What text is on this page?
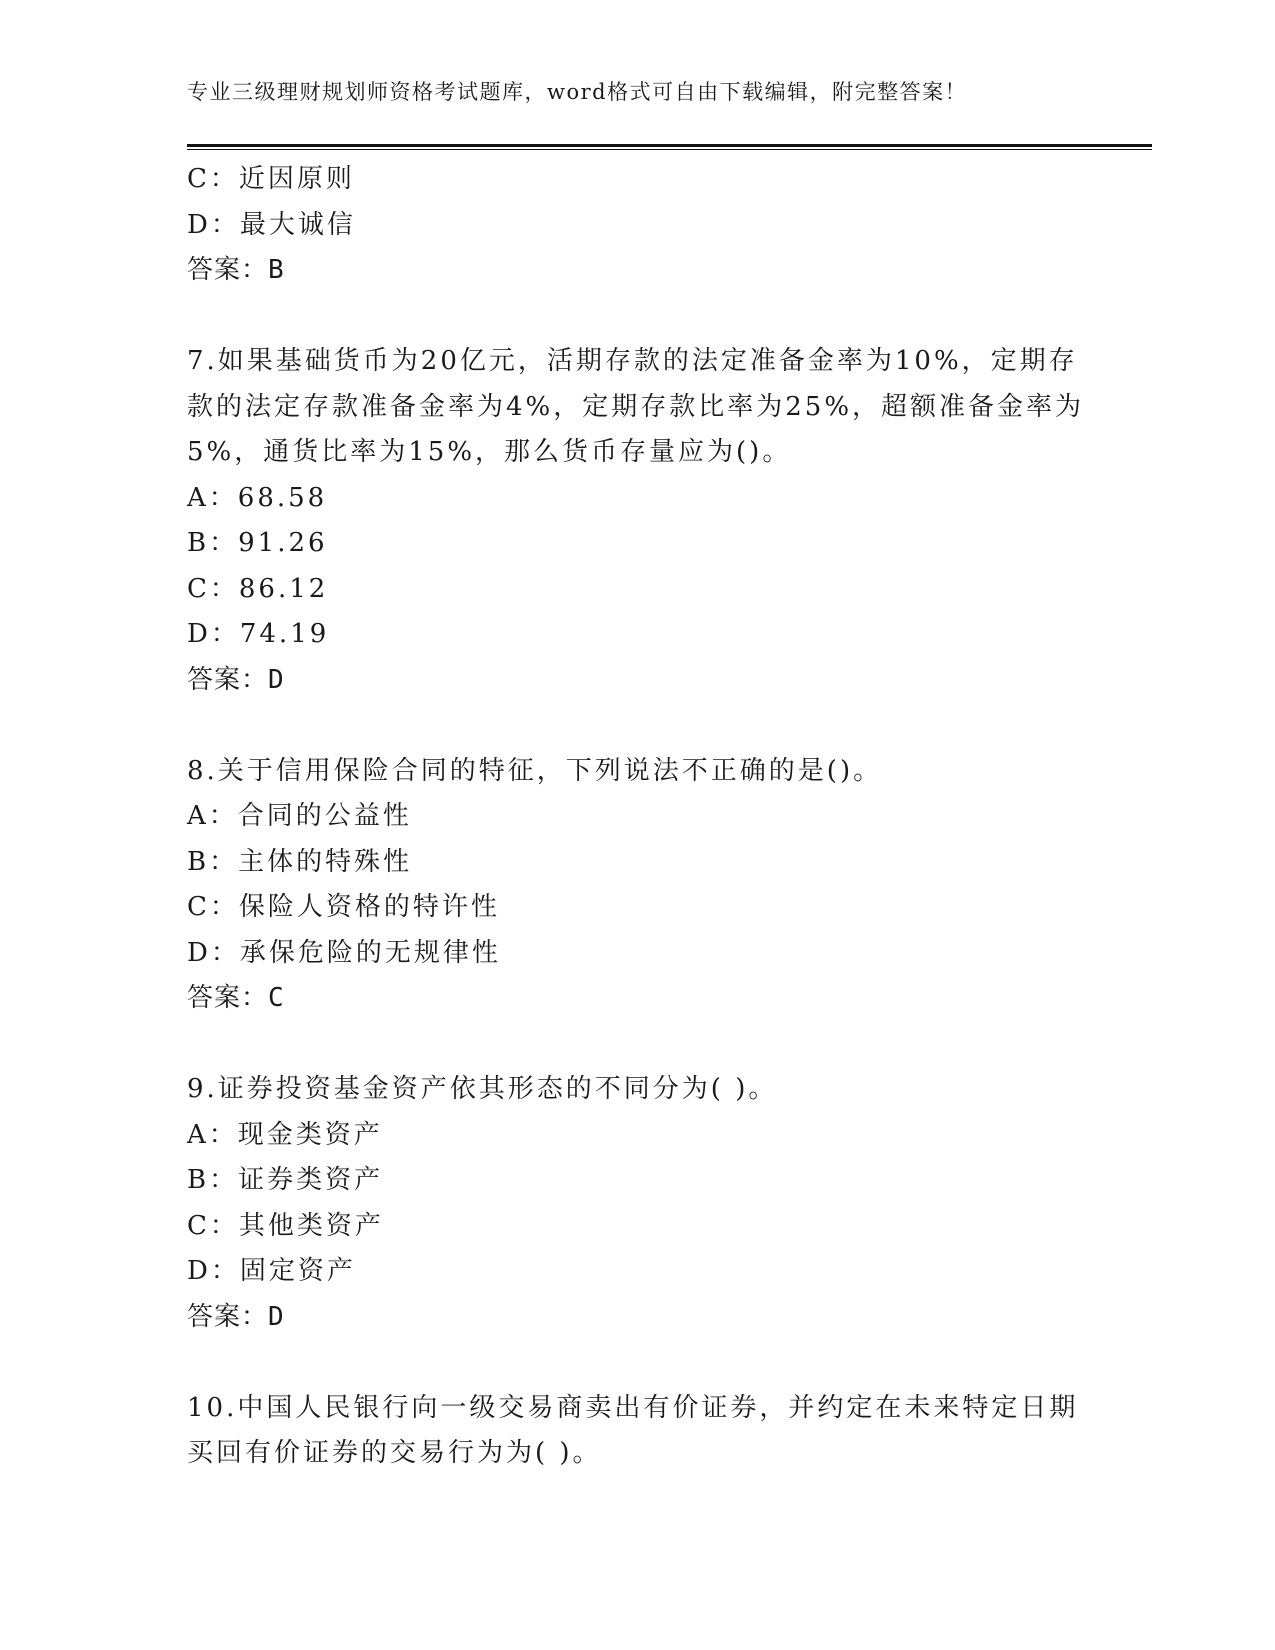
专业三级理财规划师资格考试题库，word格式可自由下载编辑，附完整答案！
C：近因原则
D：最大诚信
答案：B
7.如果基础货币为20亿元，活期存款的法定准备金率为10%，定期存
款的法定存款准备金率为4%，定期存款比率为25%，超额准备金率为
5%，通货比率为15%，那么货币存量应为()。
A：68.58
B：91.26
C：86.12
D：74.19
答案：D
8.关于信用保险合同的特征，下列说法不正确的是()。
A：合同的公益性
B：主体的特殊性
C：保险人资格的特许性
D：承保危险的无规律性
答案：C
9.证券投资基金资产依其形态的不同分为( )。
A：现金类资产
B：证券类资产
C：其他类资产
D：固定资产
答案：D
10.中国人民银行向一级交易商卖出有价证券，并约定在未来特定日期
买回有价证券的交易行为为( )。
